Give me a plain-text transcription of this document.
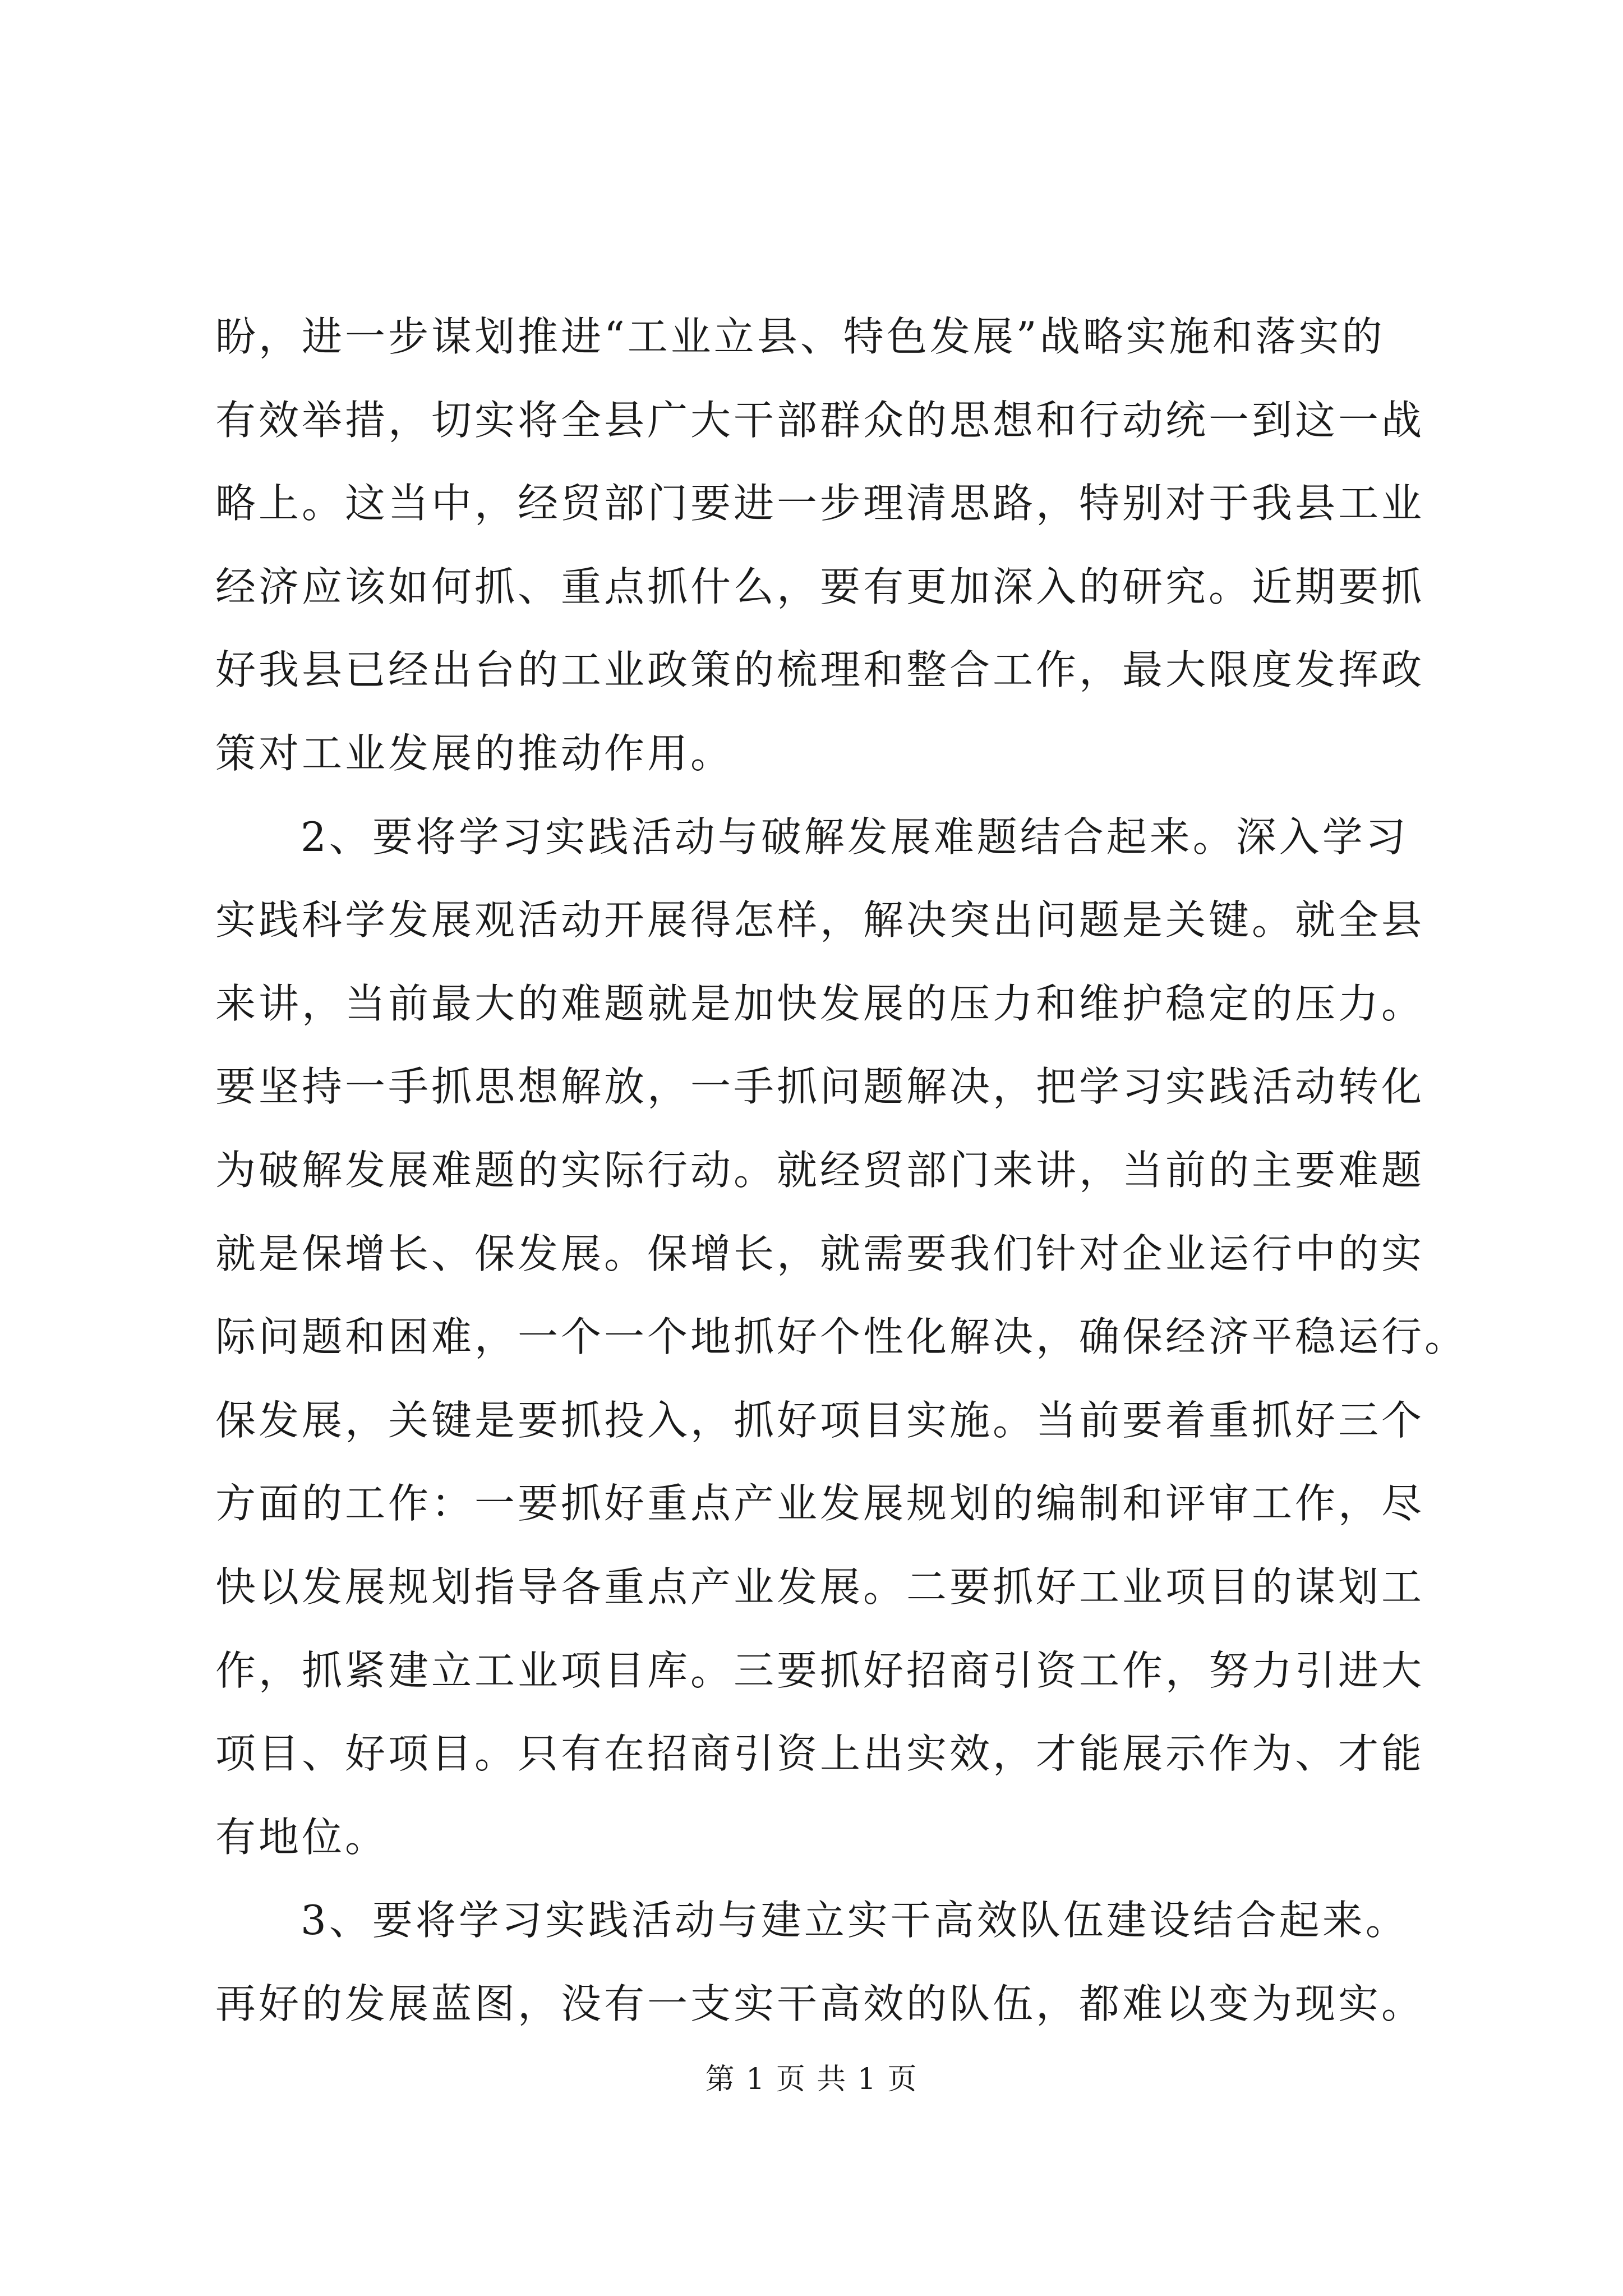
盼，进一步谋划推进“工业立县、特色发展”战略实施和落实的
有效举措，切实将全县广大干部群众的思想和行动统一到这一战
略上。这当中，经贸部门要进一步理清思路，特别对于我县工业
经济应该如何抓、重点抓什么，要有更加深入的研究。近期要抓
好我县已经出台的工业政策的梳理和整合工作，最大限度发挥政
策对工业发展的推动作用。
2、要将学习实践活动与破解发展难题结合起来。深入学习
实践科学发展观活动开展得怎样，解决突出问题是关键。就全县
来讲，当前最大的难题就是加快发展的压力和维护稳定的压力。
要坚持一手抓思想解放，一手抓问题解决，把学习实践活动转化
为破解发展难题的实际行动。就经贸部门来讲，当前的主要难题
就是保增长、保发展。保增长，就需要我们针对企业运行中的实
际问题和困难，一个一个地抓好个性化解决，确保经济平稳运行。
保发展，关键是要抓投入，抓好项目实施。当前要着重抓好三个
方面的工作：一要抓好重点产业发展规划的编制和评审工作，尽
快以发展规划指导各重点产业发展。二要抓好工业项目的谋划工
作，抓紧建立工业项目库。三要抓好招商引资工作，努力引进大
项目、好项目。只有在招商引资上出实效，才能展示作为、才能
有地位。
3、要将学习实践活动与建立实干高效队伍建设结合起来。
再好的发展蓝图，没有一支实干高效的队伍，都难以变为现实。
第 1 页 共 1 页
